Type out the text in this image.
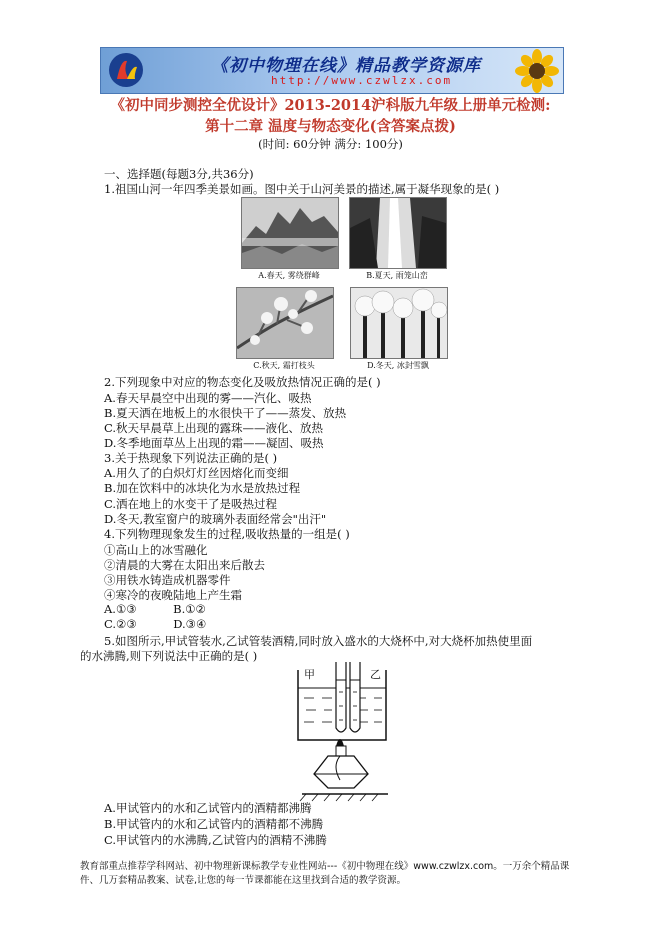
《初中物理在线》精品教学资源库
http://www.czwlzx.com
《初中同步测控全优设计》2013-2014沪科版九年级上册单元检测:
第十二章 温度与物态变化(含答案点拨)
(时间: 60分钟 满分: 100分)
一、选择题(每题3分,共36分)
1.祖国山河一年四季美景如画。图中关于山河美景的描述,属于凝华现象的是( )
A.春天, 雾绕群峰	B.夏天, 雨笼山峦
C.秋天, 霜打枝头	D.冬天, 冰封雪飘
2.下列现象中对应的物态变化及吸放热情况正确的是( )
A.春天早晨空中出现的雾——汽化、吸热
B.夏天洒在地板上的水很快干了——蒸发、放热
C.秋天早晨草上出现的露珠——液化、放热
D.冬季地面草丛上出现的霜——凝固、吸热
3.关于热现象下列说法正确的是( )
A.用久了的白炽灯灯丝因熔化而变细
B.加在饮料中的冰块化为水是放热过程
C.洒在地上的水变干了是吸热过程
D.冬天,教室窗户的玻璃外表面经常会"出汗"
4.下列物理现象发生的过程,吸收热量的一组是( )
①高山上的冰雪融化
②清晨的大雾在太阳出来后散去
③用铁水铸造成机器零件
④寒冷的夜晚陆地上产生霜
A.①③          B.①②
C.②③          D.③④
5.如图所示,甲试管装水,乙试管装酒精,同时放入盛水的大烧杯中,对大烧杯加热使里面
的水沸腾,则下列说法中正确的是( )
甲	乙
A.甲试管内的水和乙试管内的酒精都沸腾
B.甲试管内的水和乙试管内的酒精都不沸腾
C.甲试管内的水沸腾,乙试管内的酒精不沸腾
教育部重点推荐学科网站、初中物理新课标教学专业性网站---《初中物理在线》www.czwlzx.com。一万余个精品课
件、几万套精品教案、试卷,让您的每一节课都能在这里找到合适的教学资源。
